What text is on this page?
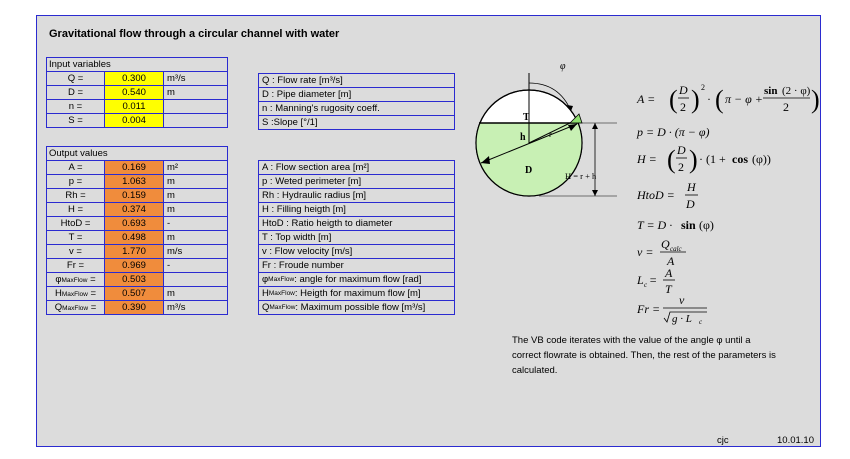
Gravitational flow through a circular channel with water
Input variables
Q =	0.300	m³/s
D =	0.540	m
n =	0.011
S =	0.004
Q : Flow rate [m³/s]
D : Pipe diameter [m]
n : Manning's rugosity coeff.
S :Slope [°/1]
Output values
A =	0.169	m²
p =	1.063	m
Rh =	0.159	m
H =	0.374	m
HtoD =	0.693	-
T =	0.498	m
v =	1.770	m/s
Fr =	0.969	-
φMaxFlow =	0.503
HMaxFlow =	0.507	m
QMaxFlow =	0.390	m³/s
A : Flow section area [m²]
p : Weted perimeter [m]
Rh : Hydraulic radius [m]
H : Filling heigth [m]
HtoD : Ratio heigth to diameter
T : Top width [m]
v : Flow velocity [m/s]
Fr : Froude number
φ MaxFlow : angle for maximum flow [rad]
H MaxFlow : Heigth for maximum flow [m]
Q MaxFlow : Maximum possible flow [m³/s]
φ
T
h	r
D	H = r + h
A = ( D
2 ) 2
· ( π − φ +
sin (2 · φ)
2 )
p = D · (π − φ)
H = ( D
2 ) · (1 + cos (φ))
HtoD =
H
D
T = D · sin (φ)
v =
Q calc
A
L c = A
T
Fr =
v
g · L c
The VB code iterates with the value of the angle φ until a correct flowrate is obtained. Then, the rest of the parameters is calculated.
cjc	10.01.10
